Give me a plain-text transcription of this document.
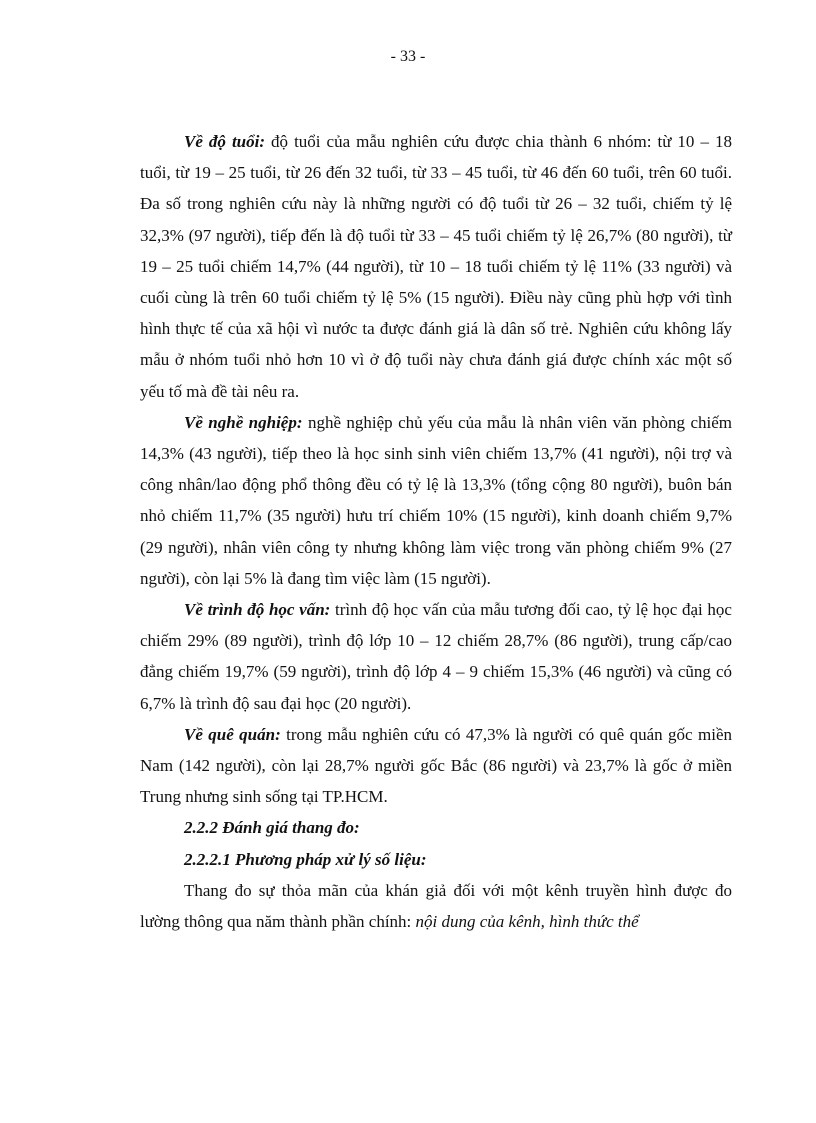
- 33 -

Về độ tuổi: độ tuổi của mẫu nghiên cứu được chia thành 6 nhóm: từ 10 – 18 tuổi, từ 19 – 25 tuổi, từ 26 đến 32 tuổi, từ 33 – 45 tuổi, từ 46 đến 60 tuổi, trên 60 tuổi. Đa số trong nghiên cứu này là những người có độ tuổi từ 26 – 32 tuổi, chiếm tỷ lệ 32,3% (97 người), tiếp đến là độ tuổi từ 33 – 45 tuổi chiếm tỷ lệ 26,7% (80 người), từ 19 – 25 tuổi chiếm 14,7% (44 người), từ 10 – 18 tuổi chiếm tỷ lệ 11% (33 người) và cuối cùng là trên 60 tuổi chiếm tỷ lệ 5% (15 người). Điều này cũng phù hợp với tình hình thực tế của xã hội vì nước ta được đánh giá là dân số trẻ. Nghiên cứu không lấy mẫu ở nhóm tuổi nhỏ hơn 10 vì ở độ tuổi này chưa đánh giá được chính xác một số yếu tố mà đề tài nêu ra.

Về nghề nghiệp: nghề nghiệp chủ yếu của mẫu là nhân viên văn phòng chiếm 14,3% (43 người), tiếp theo là học sinh sinh viên chiếm 13,7% (41 người), nội trợ và công nhân/lao động phổ thông đều có tỷ lệ là 13,3% (tổng cộng 80 người), buôn bán nhỏ chiếm 11,7% (35 người) hưu trí chiếm 10% (15 người), kinh doanh chiếm 9,7% (29 người), nhân viên công ty nhưng không làm việc trong văn phòng chiếm 9% (27 người), còn lại 5% là đang tìm việc làm (15 người).

Về trình độ học vấn: trình độ học vấn của mẫu tương đối cao, tỷ lệ học đại học chiếm 29% (89 người), trình độ lớp 10 – 12 chiếm 28,7% (86 người), trung cấp/cao đẳng chiếm 19,7% (59 người), trình độ lớp 4 – 9 chiếm 15,3% (46 người) và cũng có 6,7% là trình độ sau đại học (20 người).

Về quê quán: trong mẫu nghiên cứu có 47,3% là người có quê quán gốc miền Nam (142 người), còn lại 28,7% người gốc Bắc (86 người) và 23,7% là gốc ở miền Trung nhưng sinh sống tại TP.HCM.

2.2.2 Đánh giá thang đo:

2.2.2.1 Phương pháp xử lý số liệu:

Thang đo sự thỏa mãn của khán giả đối với một kênh truyền hình được đo lường thông qua năm thành phần chính: nội dung của kênh, hình thức thể
